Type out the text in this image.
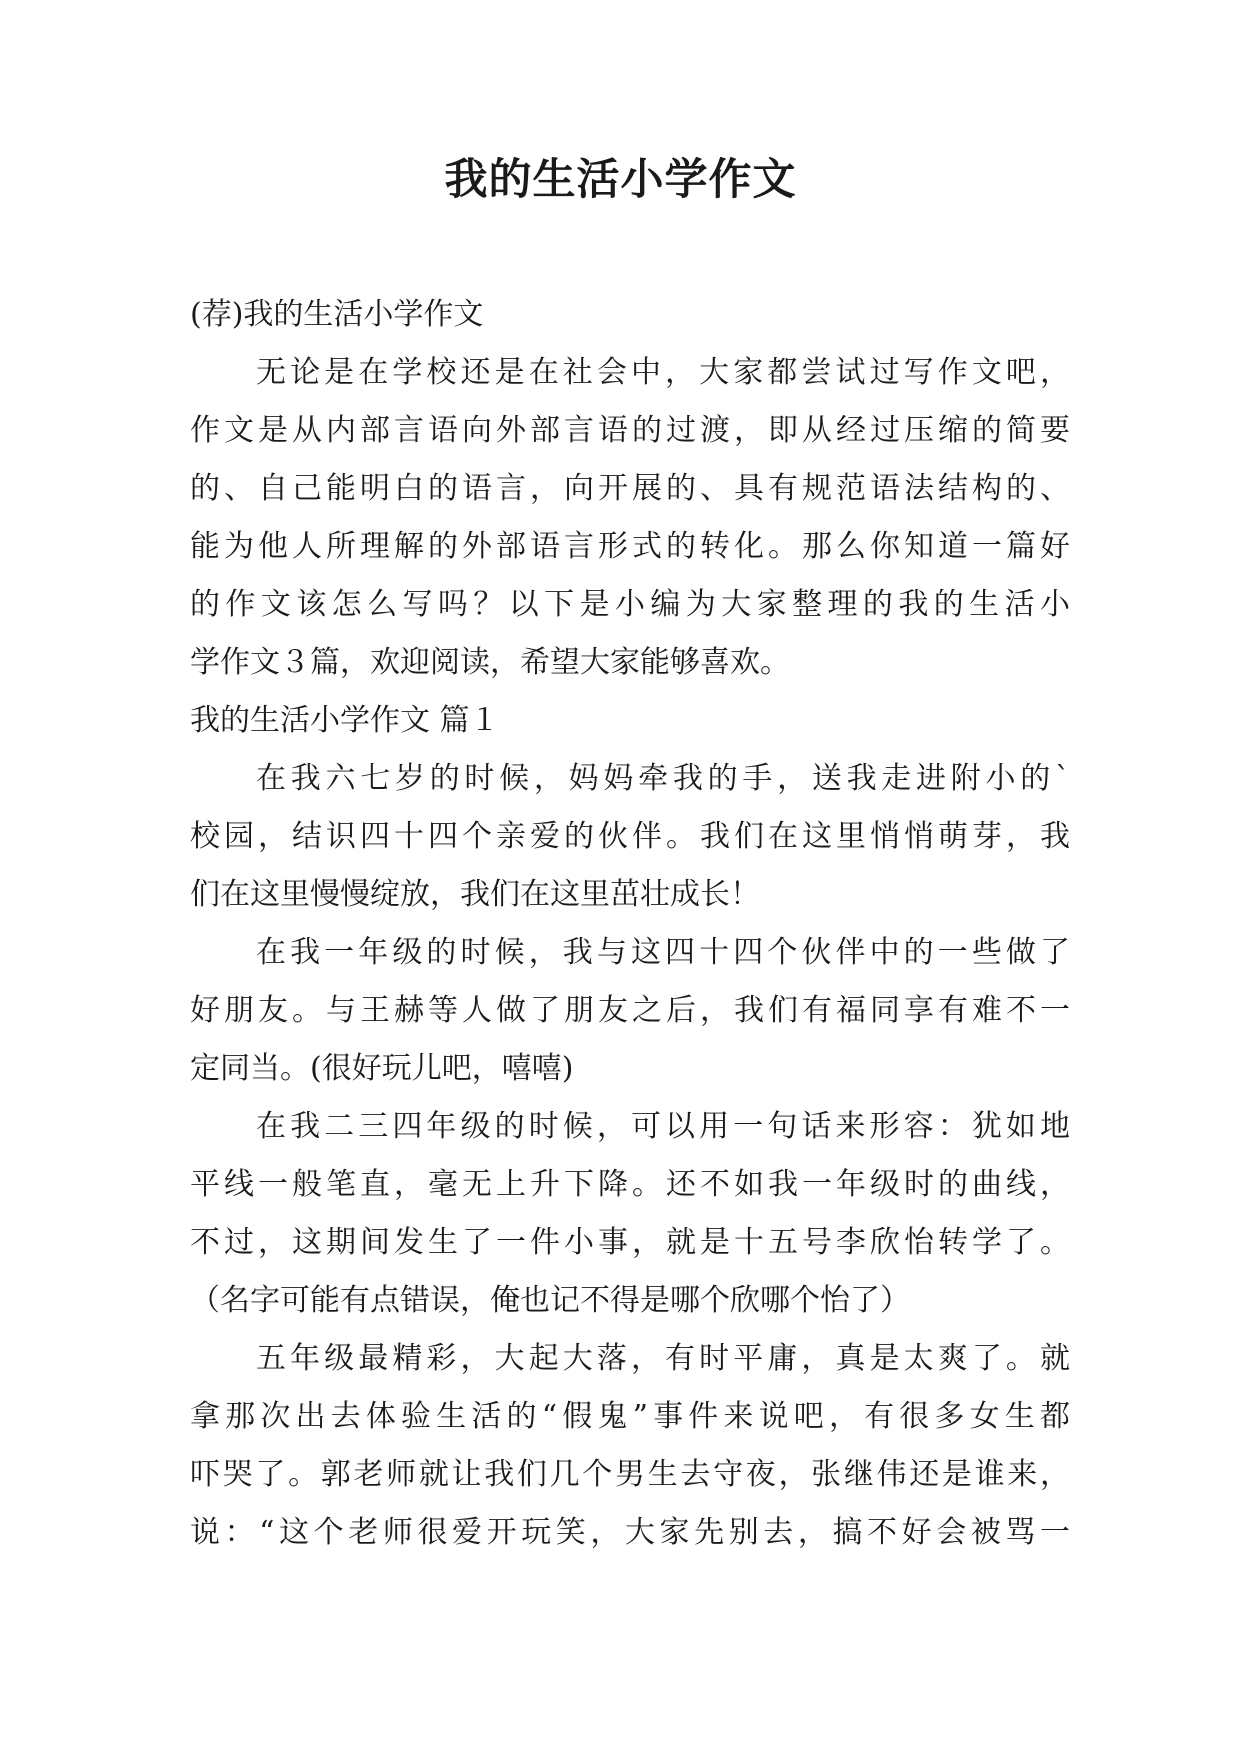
我的生活小学作文
(荐)我的生活小学作文
无论是在学校还是在社会中，大家都尝试过写作文吧，
作文是从内部言语向外部言语的过渡，即从经过压缩的简要
的、自己能明白的语言，向开展的、具有规范语法结构的、
能为他人所理解的外部语言形式的转化。那么你知道一篇好
的作文该怎么写吗？以下是小编为大家整理的我的生活小
学作文３篇，欢迎阅读，希望大家能够喜欢。
我的生活小学作文 篇１
在我六七岁的时候，妈妈牵我的手，送我走进附小的`
校园，结识四十四个亲爱的伙伴。我们在这里悄悄萌芽，我
们在这里慢慢绽放，我们在这里茁壮成长！
在我一年级的时候，我与这四十四个伙伴中的一些做了
好朋友。与王赫等人做了朋友之后，我们有福同享有难不一
定同当。(很好玩儿吧，嘻嘻)
在我二三四年级的时候，可以用一句话来形容：犹如地
平线一般笔直，毫无上升下降。还不如我一年级时的曲线，
不过，这期间发生了一件小事，就是十五号李欣怡转学了。
（名字可能有点错误，俺也记不得是哪个欣哪个怡了）
五年级最精彩，大起大落，有时平庸，真是太爽了。就
拿那次出去体验生活的“假鬼”事件来说吧，有很多女生都
吓哭了。郭老师就让我们几个男生去守夜，张继伟还是谁来，
说：“这个老师很爱开玩笑，大家先别去，搞不好会被骂一
